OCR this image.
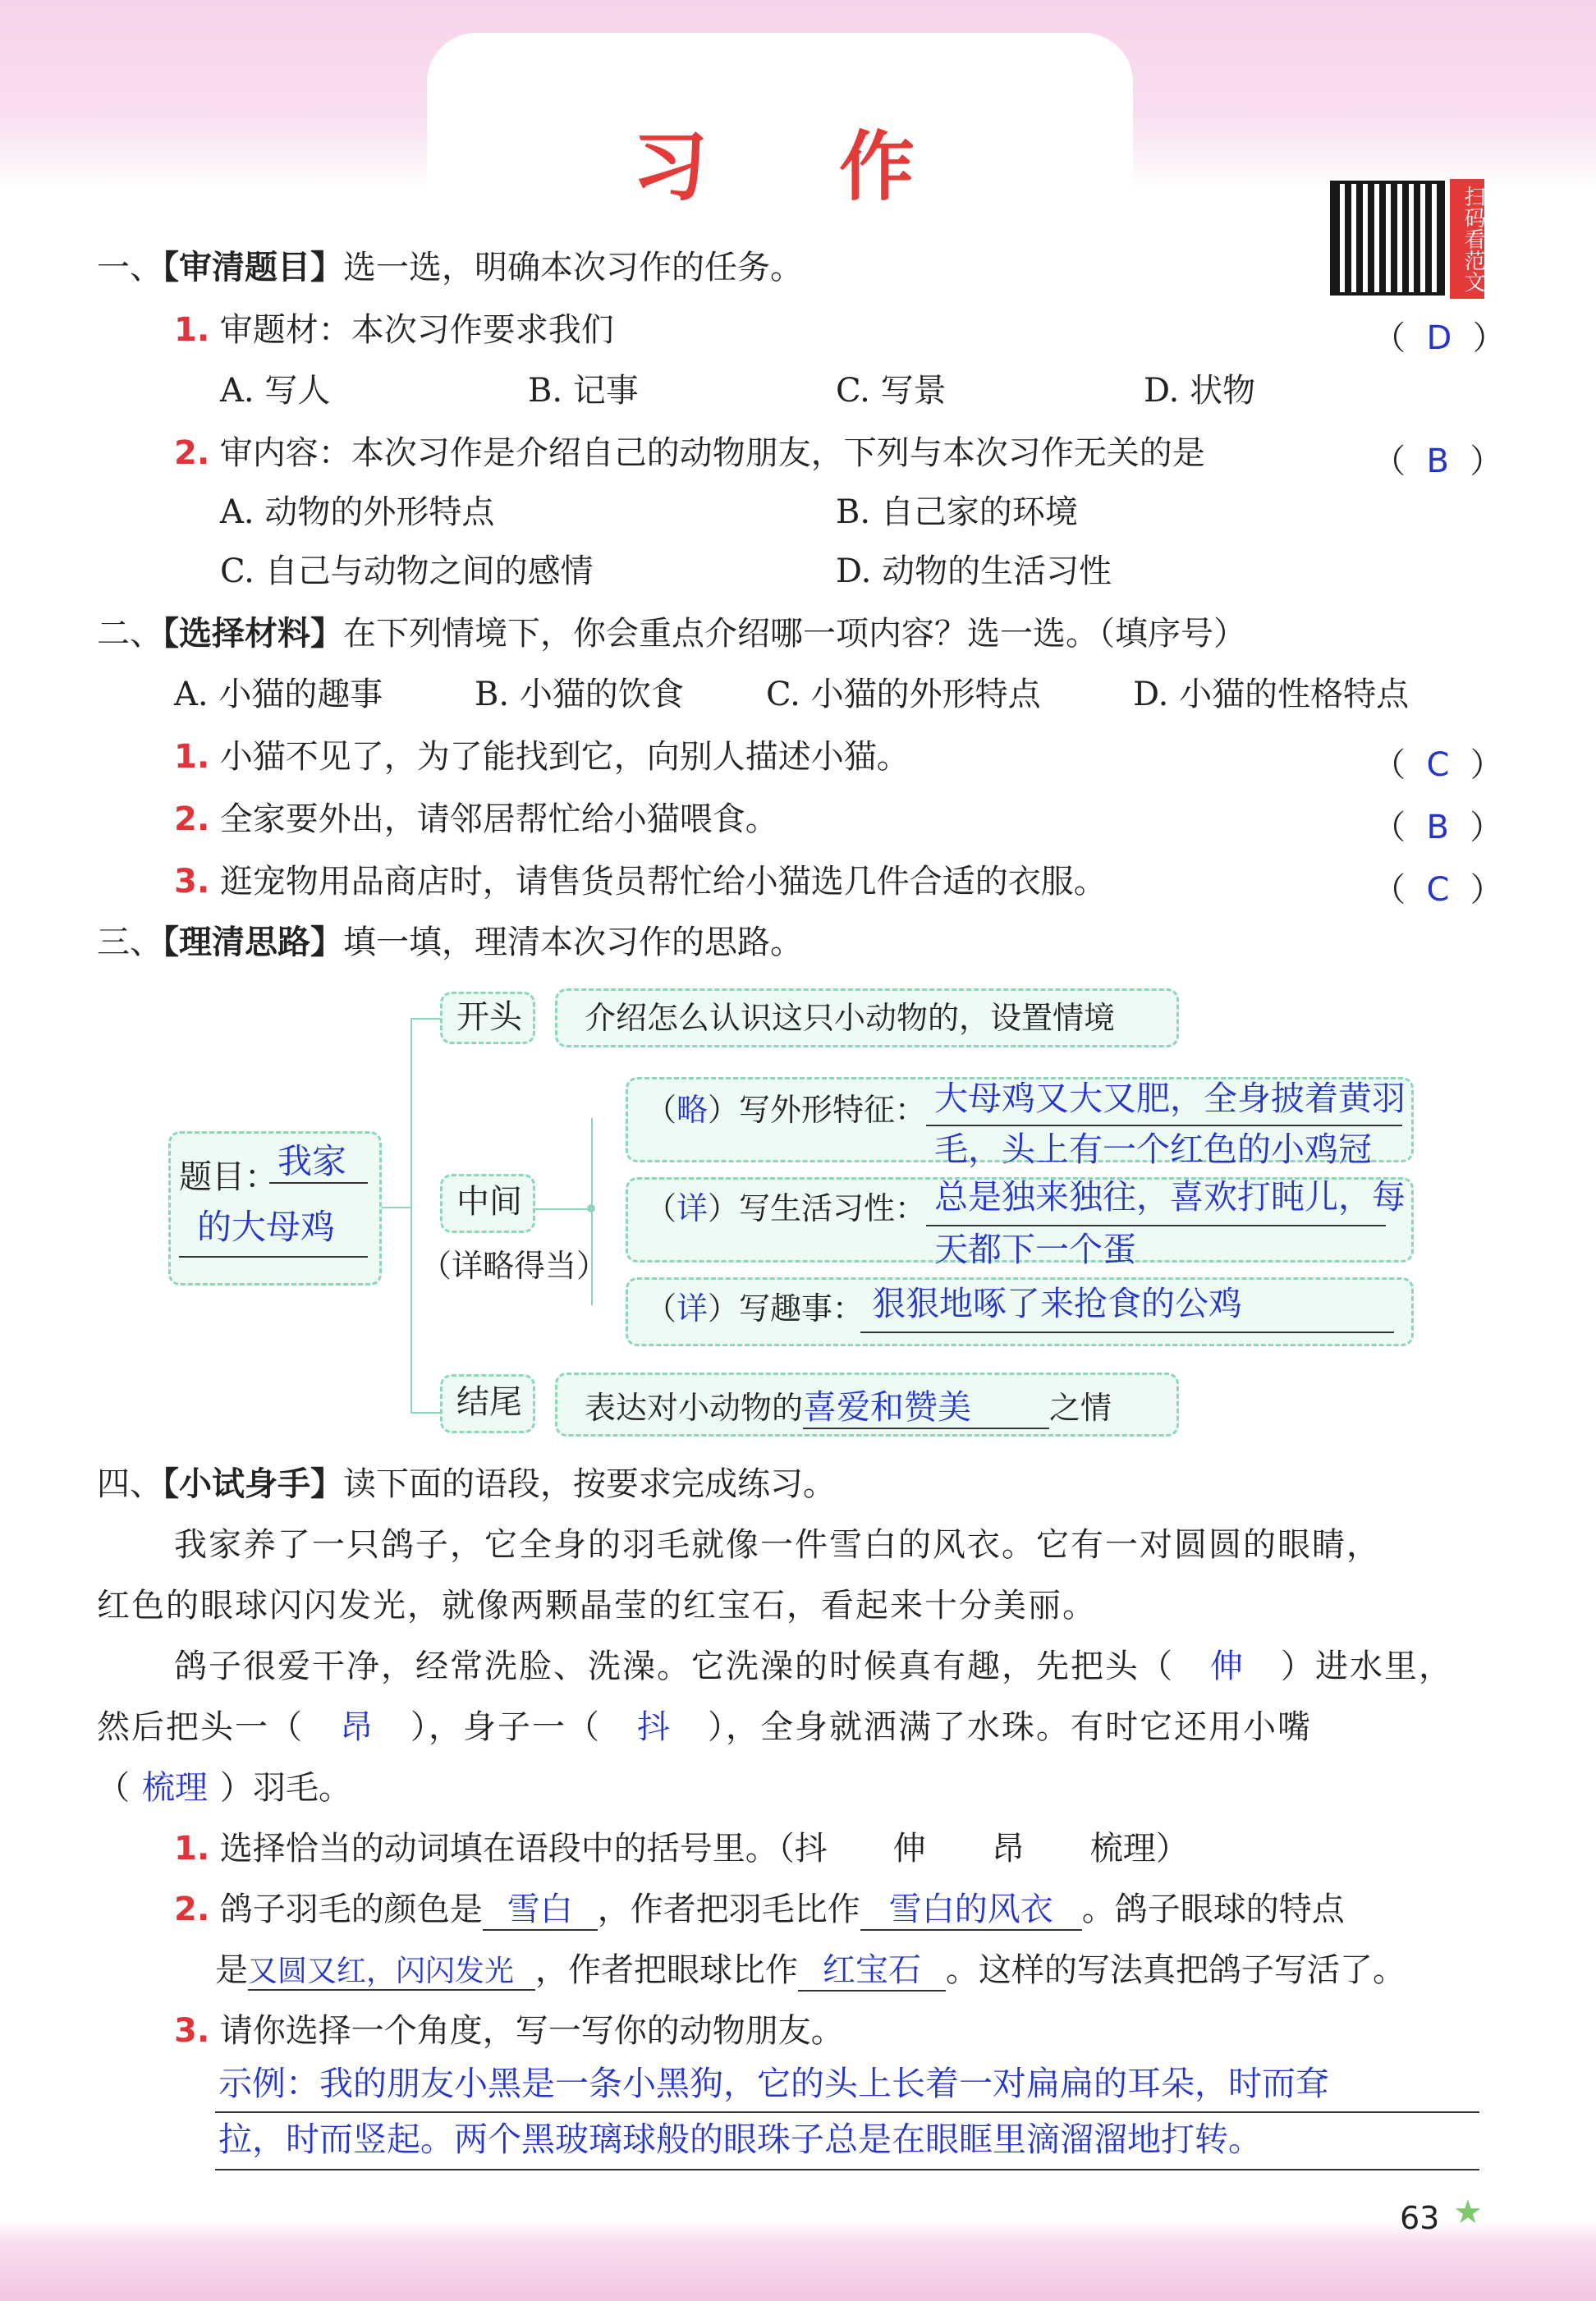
习作
扫码看范文
一、【审清题目】选一选，明确本次习作的任务。
1. 审题材：本次习作要求我们	（  D  ）
A. 写人	B. 记事	C. 写景	D. 状物
2. 审内容：本次习作是介绍自己的动物朋友，下列与本次习作无关的是	（  B  ）
A. 动物的外形特点	B. 自己家的环境
C. 自己与动物之间的感情	D. 动物的生活习性
二、【选择材料】在下列情境下，你会重点介绍哪一项内容？选一选。（填序号）
A. 小猫的趣事	B. 小猫的饮食	C. 小猫的外形特点	D. 小猫的性格特点
1. 小猫不见了，为了能找到它，向别人描述小猫。	（  C  ）
2. 全家要外出，请邻居帮忙给小猫喂食。	（  B  ）
3. 逛宠物用品商店时，请售货员帮忙给小猫选几件合适的衣服。	（  C  ）
三、【理清思路】填一填，理清本次习作的思路。
题目： 我家
的大母鸡
开头 介绍怎么认识这只小动物的，设置情境
中间
（详略得当）
（略）写外形特征： 大母鸡又大又肥，全身披着黄羽
毛，头上有一个红色的小鸡冠
（详）写生活习性： 总是独来独往，喜欢打盹儿，每
天都下一个蛋
（详）写趣事： 狠狠地啄了来抢食的公鸡
结尾 表达对小动物的喜爱和赞美	之情
四、【小试身手】读下面的语段，按要求完成练习。
我家养了一只鸽子，它全身的羽毛就像一件雪白的风衣。它有一对圆圆的眼睛，
红色的眼球闪闪发光，就像两颗晶莹的红宝石，看起来十分美丽。
鸽子很爱干净，经常洗脸、洗澡。它洗澡的时候真有趣，先把头（ 伸 ）进水里，
然后把头一（ 昂 ），身子一（ 抖 ），全身就洒满了水珠。有时它还用小嘴
（ 梳理 ）羽毛。
1. 选择恰当的动词填在语段中的括号里。（抖　　伸　　昂　　梳理）
2. 鸽子羽毛的颜色是 雪白 ，作者把羽毛比作 雪白的风衣 。鸽子眼球的特点
是又圆又红，闪闪发光 ，作者把眼球比作 红宝石 。这样的写法真把鸽子写活了。
3. 请你选择一个角度，写一写你的动物朋友。
示例：我的朋友小黑是一条小黑狗，它的头上长着一对扁扁的耳朵，时而耷
拉，时而竖起。两个黑玻璃球般的眼珠子总是在眼眶里滴溜溜地打转。
63 ★
